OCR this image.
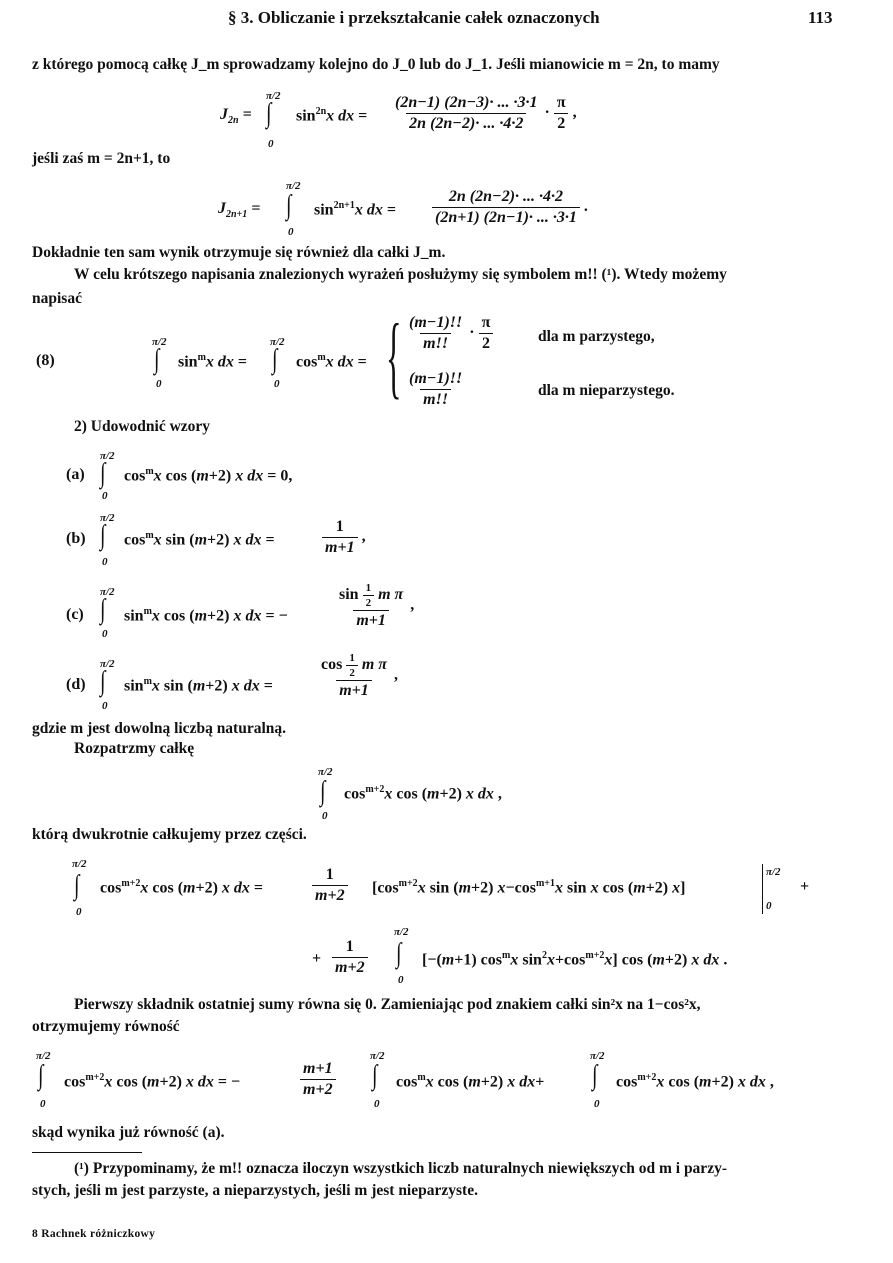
§ 3. Obliczanie i przekształcanie całek oznaczonych	113
z którego pomocą całkę J_m sprowadzamy kolejno do J_0 lub do J_1. Jeśli mianowicie m = 2n, to mamy
π/2
$J_{2n}$ = ∫
0
$\sin^{2n}x$ dx = $\frac{(2n-1) (2n-3)\cdot ... \cdot 3\cdot 1}{2n (2n-2)\cdot ... \cdot 4\cdot 2} \cdot \frac{\pi}{2}$ ,
jeśli zaś m = 2n+1, to
π/2
$J_{2n+1}$ = ∫
0
$\sin^{2n+1}x$ dx = $\frac{2n (2n-2)\cdot ... \cdot 4\cdot 2}{(2n+1) (2n-1)\cdot ... \cdot 3\cdot 1}$ .
Dokładnie ten sam wynik otrzymuje się również dla całki J_m.
W celu krótszego napisania znalezionych wyrażeń posłużymy się symbolem m!! (¹). Wtedy możemy
napisać
(8)
π/2
∫
0
$\sin^mx$ dx =
π/2
∫
0
$\cos^mx$ dx = { $\frac{(m-1)!!}{m!!} \cdot \frac{\pi}{2}$	dla m parzystego,
$\frac{(m-1)!!}{m!!}$	dla m nieparzystego.
2) Udowodnić wzory
π/2
(a) ∫
0
$\cos^mx$ cos (m+2) x dx = 0,
π/2
(b) ∫
0
$\cos^mx$ sin (m+2) x dx =	$\frac{1}{m+1}$ ,
π/2
(c) ∫
0
$\sin^mx$ cos (m+2) x dx = −	$\frac{\sin \frac{1}{2} m \pi}{m+1}$ ,
π/2
(d) ∫
0
$\sin^mx$ sin (m+2) x dx =	$\frac{\cos \frac{1}{2} m \pi}{m+1}$ ,
gdzie m jest dowolną liczbą naturalną.
Rozpatrzmy całkę
π/2
∫
0
$\cos^{m+2}x$ cos (m+2) x dx ,
którą dwukrotnie całkujemy przez części.
π/2
∫
0
$\cos^{m+2}x$ cos (m+2) x dx =	$\frac{1}{m+2} [\cos^{m+2}x$ sin (m+2) $x-\cos^{m+1}x$ sin x cos (m+2) x]
π/2
0
+
+ $\frac{1}{m+2}$
π/2
∫
0
[−(m+1) $\cos^mx$ $\sin^2x+\cos^{m+2}x$] cos (m+2) x dx .
Pierwszy składnik ostatniej sumy równa się 0. Zamieniając pod znakiem całki sin²x na 1−cos²x,
otrzymujemy równość
π/2
∫
0
$\cos^{m+2}x$ cos (m+2) x dx = −	$\frac{m+1}{m+2}$
π/2
∫
0
$\cos^mx$ cos (m+2) x dx+
π/2
∫
0
$\cos^{m+2}x$ cos (m+2) x dx ,
skąd wynika już równość (a).
(¹) Przypominamy, że m!! oznacza iloczyn wszystkich liczb naturalnych niewiększych od m i parzy-
stych, jeśli m jest parzyste, a nieparzystych, jeśli m jest nieparzyste.
8 Rachnek różniczkowy
